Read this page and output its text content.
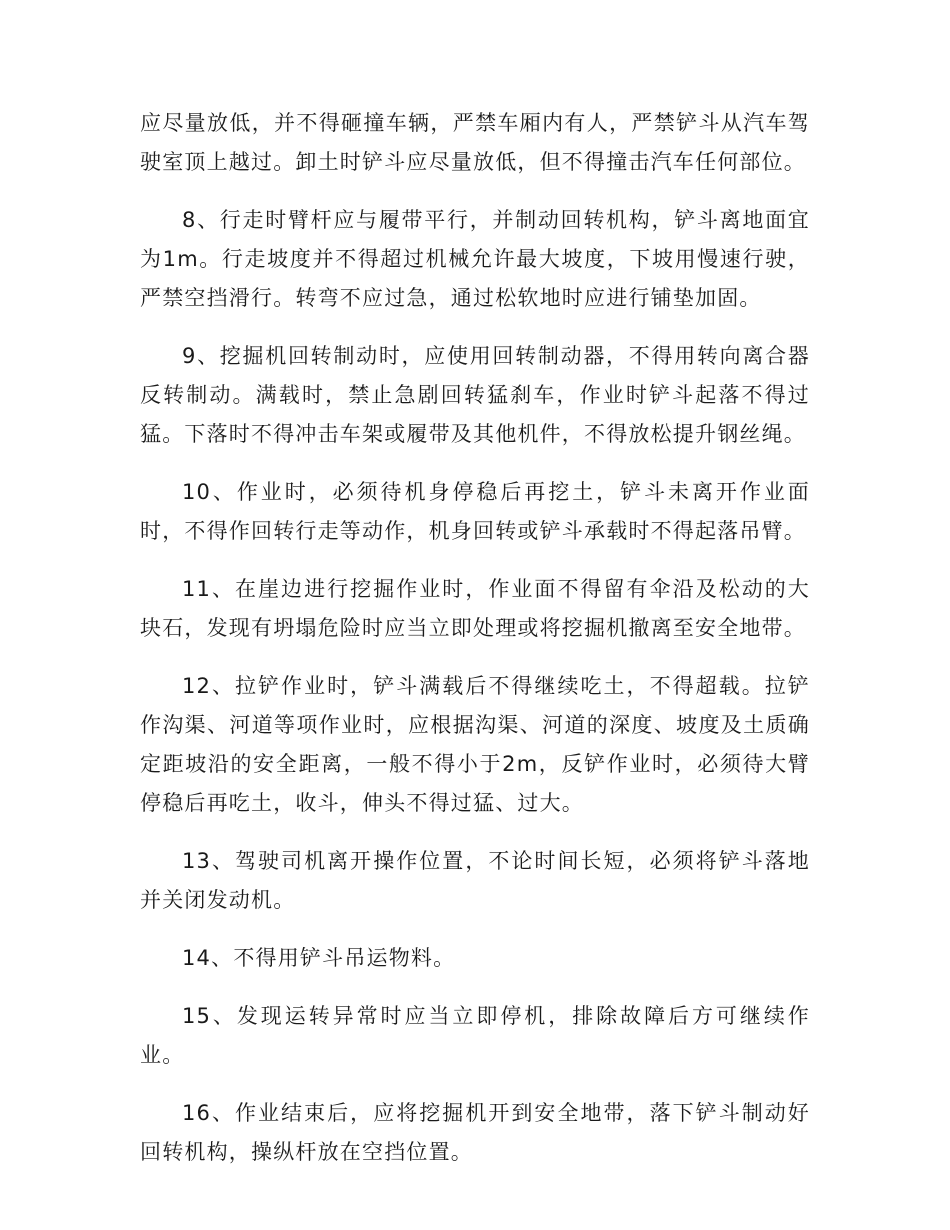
应尽量放低，并不得砸撞车辆，严禁车厢内有人，严禁铲斗从汽车驾驶室顶上越过。卸土时铲斗应尽量放低，但不得撞击汽车任何部位。

8、行走时臂杆应与履带平行，并制动回转机构，铲斗离地面宜为1m。行走坡度并不得超过机械允许最大坡度，下坡用慢速行驶，严禁空挡滑行。转弯不应过急，通过松软地时应进行铺垫加固。

9、挖掘机回转制动时，应使用回转制动器，不得用转向离合器反转制动。满载时，禁止急剧回转猛刹车，作业时铲斗起落不得过猛。下落时不得冲击车架或履带及其他机件，不得放松提升钢丝绳。

10、作业时，必须待机身停稳后再挖土，铲斗未离开作业面时，不得作回转行走等动作，机身回转或铲斗承载时不得起落吊臂。

11、在崖边进行挖掘作业时，作业面不得留有伞沿及松动的大块石，发现有坍塌危险时应当立即处理或将挖掘机撤离至安全地带。

12、拉铲作业时，铲斗满载后不得继续吃土，不得超载。拉铲作沟渠、河道等项作业时，应根据沟渠、河道的深度、坡度及土质确定距坡沿的安全距离，一般不得小于2m，反铲作业时，必须待大臂停稳后再吃土，收斗，伸头不得过猛、过大。

13、驾驶司机离开操作位置，不论时间长短，必须将铲斗落地并关闭发动机。

14、不得用铲斗吊运物料。

15、发现运转异常时应当立即停机，排除故障后方可继续作业。

16、作业结束后，应将挖掘机开到安全地带，落下铲斗制动好回转机构，操纵杆放在空挡位置。
